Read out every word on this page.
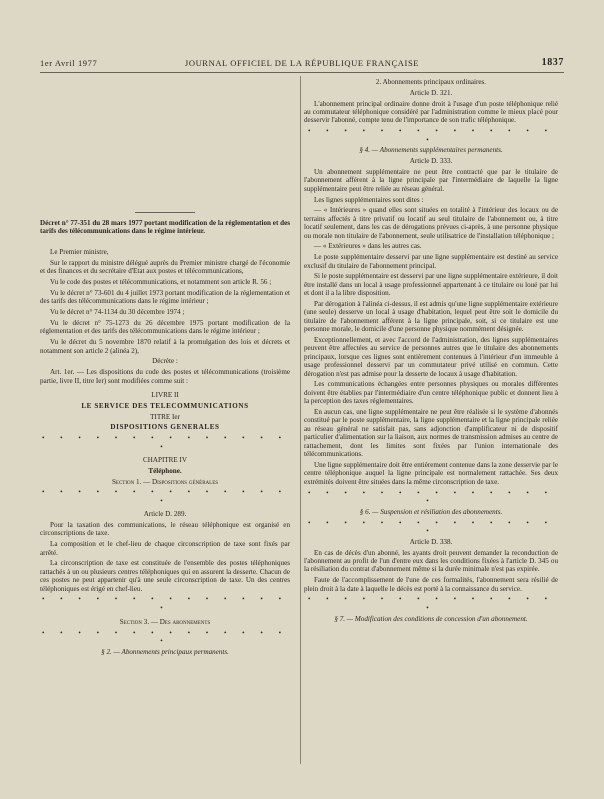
1er Avril 1977	JOURNAL OFFICIEL DE LA RÉPUBLIQUE FRANÇAISE	1837

Décret n° 77-351 du 28 mars 1977 portant modification de la réglementation et des tarifs des télécommunications dans le régime intérieur.

Le Premier ministre,

Sur le rapport du ministre délégué auprès du Premier ministre chargé de l'économie et des finances et du secrétaire d'Etat aux postes et télécommunications,

Vu le code des postes et télécommunications, et notamment son article R. 56 ;

Vu le décret n° 73-601 du 4 juillet 1973 portant modification de la réglementation et des tarifs des télécommunications dans le régime intérieur ;

Vu le décret n° 74-1134 du 30 décembre 1974 ;

Vu le décret n° 75-1273 du 26 décembre 1975 portant modification de la réglementation et des tarifs des télécommunications dans le régime intérieur ;

Vu le décret du 5 novembre 1870 relatif à la promulgation des lois et décrets et notamment son article 2 (alinéa 2),

Décrète :

Art. 1er. — Les dispositions du code des postes et télécommunications (troisième partie, livre II, titre Ier) sont modifiées comme suit :

LIVRE II

LE SERVICE DES TELECOMMUNICATIONS

TITRE Ier

DISPOSITIONS GENERALES

• • • • • • • • • • • • • • •

CHAPITRE IV

Téléphone.

Section 1. — Dispositions générales

• • • • • • • • • • • • • • •

Article D. 289.

Pour la taxation des communications, le réseau téléphonique est organisé en circonscriptions de taxe.

La composition et le chef-lieu de chaque circonscription de taxe sont fixés par arrêté.

La circonscription de taxe est constituée de l'ensemble des postes téléphoniques rattachés à un ou plusieurs centres téléphoniques qui en assurent la desserte. Chacun de ces postes ne peut appartenir qu'à une seule circonscription de taxe. Un des centres téléphoniques est érigé en chef-lieu.

• • • • • • • • • • • • • • •

Section 3. — Des abonnements

• • • • • • • • • • • • • • •

§ 2. — Abonnements principaux permanents.

2. Abonnements principaux ordinaires.

Article D. 321.

L'abonnement principal ordinaire donne droit à l'usage d'un poste téléphonique relié au commutateur téléphonique considéré par l'administration comme le mieux placé pour desservir l'abonné, compte tenu de l'importance de son trafic téléphonique.

• • • • • • • • • • • • • • •

§ 4. — Abonnements supplémentaires permanents.

Article D. 333.

Un abonnement supplémentaire ne peut être contracté que par le titulaire de l'abonnement afférent à la ligne principale par l'intermédiaire de laquelle la ligne supplémentaire peut être reliée au réseau général.

Les lignes supplémentaires sont dites :

— « Intérieures » quand elles sont situées en totalité à l'intérieur des locaux ou de terrains affectés à titre privatif ou locatif au seul titulaire de l'abonnement ou, à titre locatif seulement, dans les cas de dérogations prévues ci-après, à une personne physique ou morale non titulaire de l'abonnement, seule utilisatrice de l'installation téléphonique ;

— « Extérieures » dans les autres cas.

Le poste supplémentaire desservi par une ligne supplémentaire est destiné au service exclusif du titulaire de l'abonnement principal.

Si le poste supplémentaire est desservi par une ligne supplémentaire extérieure, il doit être installé dans un local à usage professionnel appartenant à ce titulaire ou loué par lui et dont il a la libre disposition.

Par dérogation à l'alinéa ci-dessus, il est admis qu'une ligne supplémentaire extérieure (une seule) desserve un local à usage d'habitation, lequel peut être soit le domicile du titulaire de l'abonnement afférent à la ligne principale, soit, si ce titulaire est une personne morale, le domicile d'une personne physique nommément désignée.

Exceptionnellement, et avec l'accord de l'administration, des lignes supplémentaires peuvent être affectées au service de personnes autres que le titulaire des abonnements principaux, lorsque ces lignes sont entièrement contenues à l'intérieur d'un immeuble à usage professionnel desservi par un commutateur privé utilisé en commun. Cette dérogation n'est pas admise pour la desserte de locaux à usage d'habitation.

Les communications échangées entre personnes physiques ou morales différentes doivent être établies par l'intermédiaire d'un centre téléphonique public et donnent lieu à la perception des taxes réglementaires.

En aucun cas, une ligne supplémentaire ne peut être réalisée si le système d'abonnés constitué par le poste supplémentaire, la ligne supplémentaire et la ligne principale reliée au réseau général ne satisfait pas, sans adjonction d'amplificateur ni de dispositif particulier d'alimentation sur la liaison, aux normes de transmission admises au centre de rattachement, dont les limites sont fixées par l'union internationale des télécommunications.

Une ligne supplémentaire doit être entièrement contenue dans la zone desservie par le centre téléphonique auquel la ligne principale est normalement rattachée. Ses deux extrémités doivent être situées dans la même circonscription de taxe.

• • • • • • • • • • • • • • •

§ 6. — Suspension et résiliation des abonnements.

• • • • • • • • • • • • • • •

Article D. 338.

En cas de décès d'un abonné, les ayants droit peuvent demander la reconduction de l'abonnement au profit de l'un d'entre eux dans les conditions fixées à l'article D. 345 ou la résiliation du contrat d'abonnement même si la durée minimale n'est pas expirée.

Faute de l'accomplissement de l'une de ces formalités, l'abonnement sera résilié de plein droit à la date à laquelle le décès est porté à la connaissance du service.

• • • • • • • • • • • • • • •

§ 7. — Modification des conditions de concession d'un abonnement.
